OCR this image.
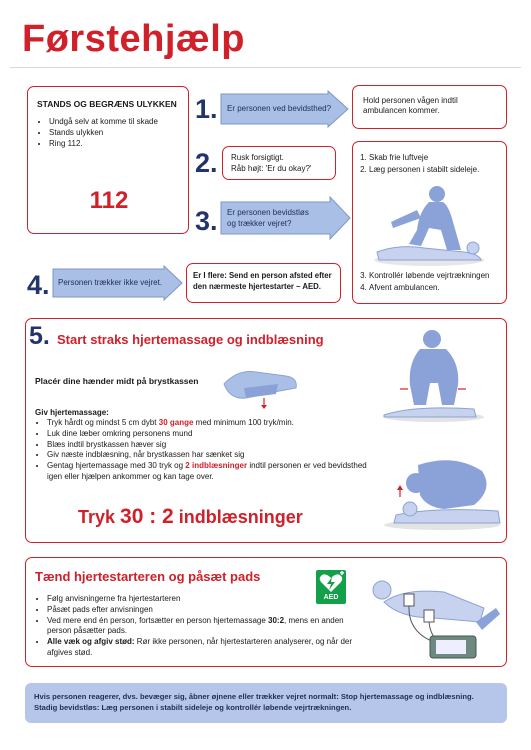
Førstehjælp
STANDS OG BEGRÆNS ULYKKEN
• Undgå selv at komme til skade
• Stands ulykken
• Ring 112.
112
1. Er personen ved bevidsthed?
Hold personen vågen indtil ambulancen kommer.
2. Rusk forsigtigt.
Råb højt: 'Er du okay?'
3. Er personen bevidstløs
og trækker vejret?
1. Skab frie luftveje
2. Læg personen i stabilt sideleje.
3. Kontrollér løbende vejrtrækningen
4. Afvent ambulancen.
4. Personen trækker ikke vejret.
Er I flere: Send en person afsted efter den nærmeste hjertestarter – AED.
5. Start straks hjertemassage og indblæsning
Placér dine hænder midt på brystkassen
Giv hjertemassage:
• Tryk hårdt og mindst 5 cm dybt 30 gange med minimum 100 tryk/min.
• Luk dine læber omkring personens mund
• Blæs indtil brystkassen hæver sig
• Giv næste indblæsning, når brystkassen har sænket sig
• Gentag hjertemassage med 30 tryk og 2 indblæsninger indtil personen er ved bevidsthed igen eller hjælpen ankommer og kan tage over.
Tryk 30 : 2 indblæsninger
Tænd hjertestarteren og påsæt pads
• Følg anvisningerne fra hjertestarteren
• Påsæt pads efter anvisningen
• Ved mere end én person, fortsætter en person hjertemassage 30:2, mens en anden person påsætter pads.
• Alle væk og afgiv stød: Rør ikke personen, når hjertestarteren analyserer, og når der afgives stød.
AED
Hvis personen reagerer, dvs. bevæger sig, åbner øjnene eller trækker vejret normalt: Stop hjertemassage og indblæsning.
Stadig bevidstløs: Læg personen i stabilt sideleje og kontrollér løbende vejrtrækningen.
